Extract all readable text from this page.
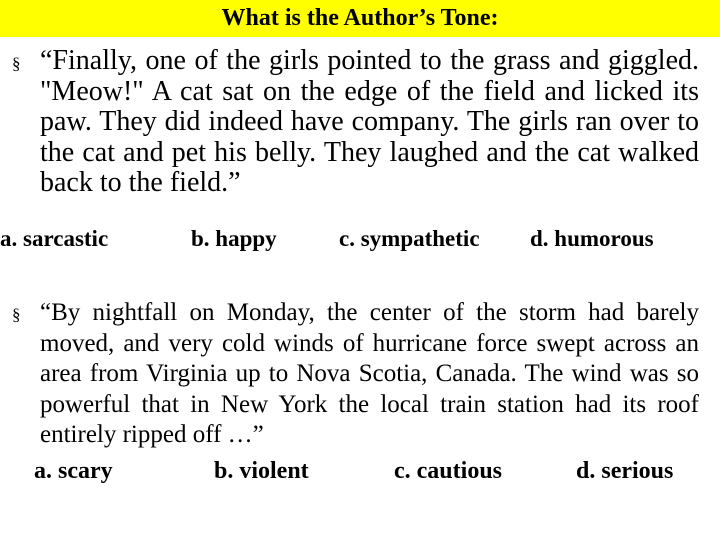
What is the Author’s Tone:
§ “Finally, one of the girls pointed to the grass and giggled. "Meow!" A cat sat on the edge of the field and licked its paw. They did indeed have company. The girls ran over to the cat and pet his belly. They laughed and the cat walked back to the field.”

a. sarcastic	b. happy	c. sympathetic d. humorous
§ “By nightfall on Monday, the center of the storm had barely moved, and very cold winds of hurricane force swept across an area from Virginia up to Nova Scotia, Canada. The wind was so powerful that in New York the local train station had its roof entirely ripped off …”

a. scary	b. violent	c. cautious	d. serious
